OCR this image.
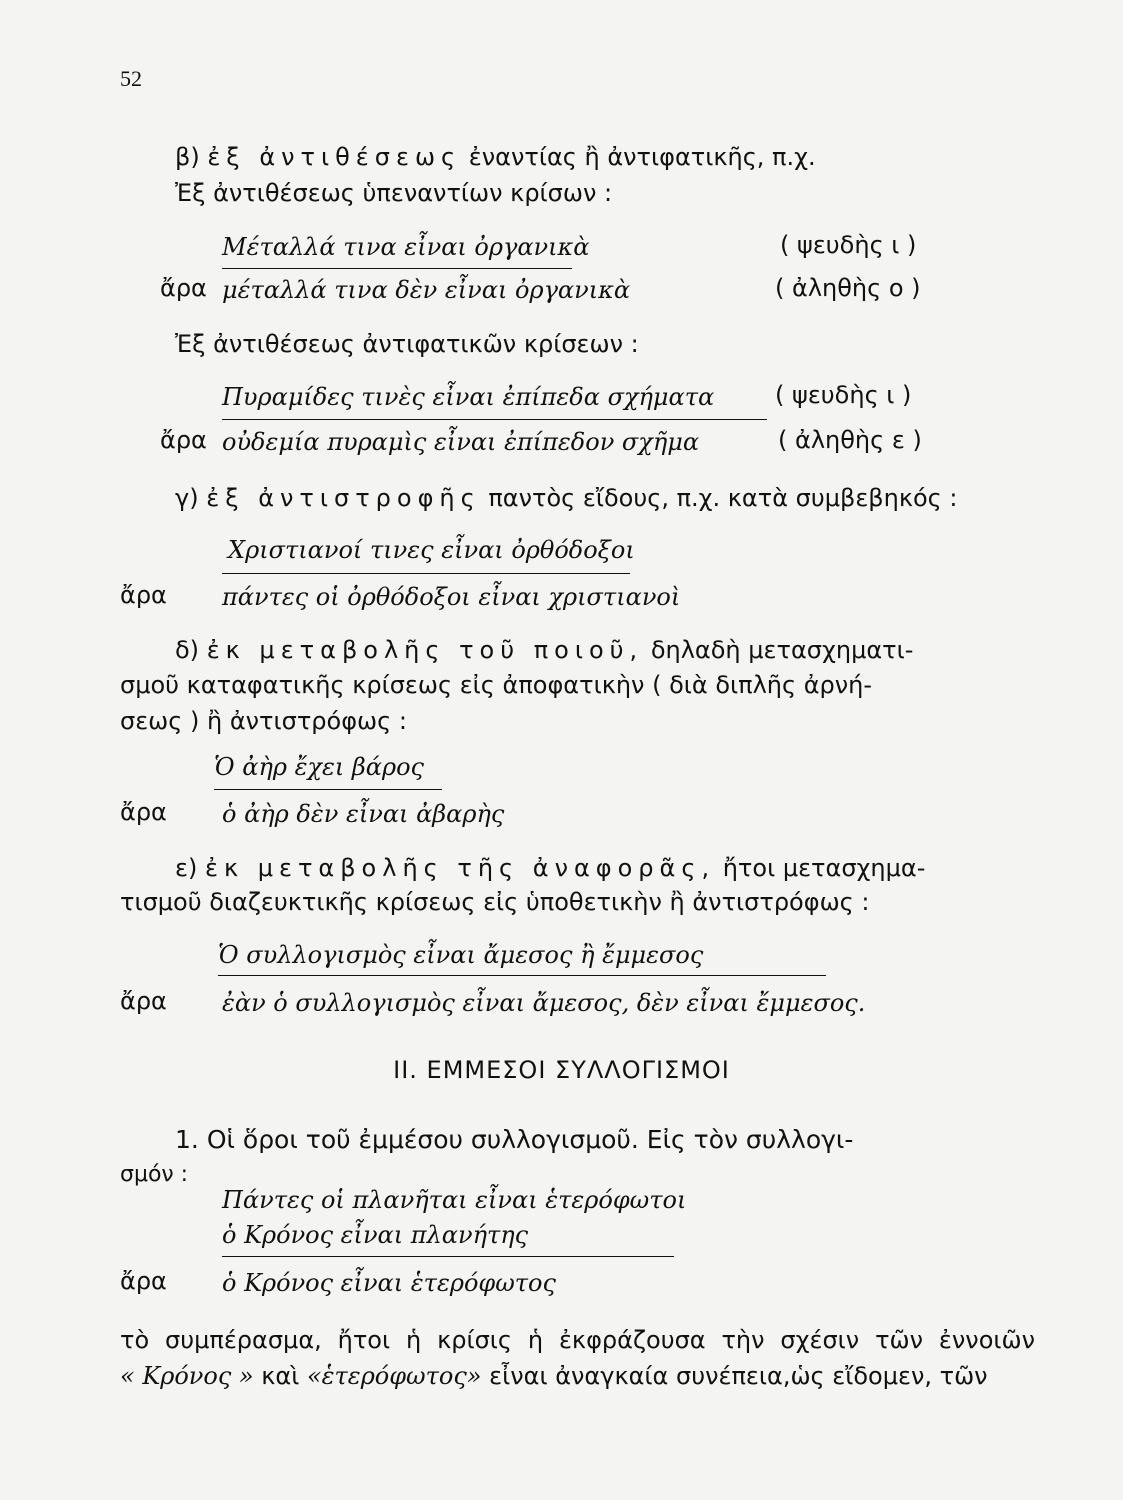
52
β) ἐξ ἀντιθέσεως ἐναντίας ἢ ἀντιφατικῆς, π.χ.
Ἐξ ἀντιθέσεως ὑπεναντίων κρίσων :
Μέταλλά τινα εἶναι ὀργανικὰ	( ψευδὴς ι )
ἄρα μέταλλά τινα δὲν εἶναι ὀργανικὰ	( ἀληθὴς ο )
Ἐξ ἀντιθέσεως ἀντιφατικῶν κρίσεων :
Πυραμίδες τινὲς εἶναι ἐπίπεδα σχήματα	( ψευδὴς ι )
ἄρα οὐδεμία πυραμὶς εἶναι ἐπίπεδον σχῆμα	( ἀληθὴς ε )
γ) ἐξ ἀντιστροφῆς παντὸς εἴδους, π.χ. κατὰ συμβεβηκός :
Χριστιανοί τινες εἶναι ὀρθόδοξοι
ἄρα πάντες οἱ ὀρθόδοξοι εἶναι χριστιανοὶ
δ) ἐκ μεταβολῆς τοῦ ποιοῦ, δηλαδὴ μετασχηματι-
σμοῦ καταφατικῆς κρίσεως εἰς ἀποφατικὴν ( διὰ διπλῆς ἀρνή-
σεως ) ἢ ἀντιστρόφως :
Ὁ ἀὴρ ἔχει βάρος
ἄρα ὁ ἀὴρ δὲν εἶναι ἀβαρὴς
ε) ἐκ μεταβολῆς τῆς ἀναφορᾶς, ἤτοι μετασχημα-
τισμοῦ διαζευκτικῆς κρίσεως εἰς ὑποθετικὴν ἢ ἀντιστρόφως :
Ὁ συλλογισμὸς εἶναι ἄμεσος ἢ ἔμμεσος
ἄρα ἐὰν ὁ συλλογισμὸς εἶναι ἄμεσος, δὲν εἶναι ἔμμεσος.
ΙΙ. ΕΜΜΕΣΟΙ ΣΥΛΛΟΓΙΣΜΟΙ
1. Οἱ ὅροι τοῦ ἐμμέσου συλλογισμοῦ. Εἰς τὸν συλλογι-
σμόν :
Πάντες οἱ πλανῆται εἶναι ἑτερόφωτοι
ὁ Κρόνος εἶναι πλανήτης
ἄρα ὁ Κρόνος εἶναι ἑτερόφωτος
τὸ συμπέρασμα, ἤτοι ἡ κρίσις ἡ ἐκφράζουσα τὴν σχέσιν τῶν ἐννοιῶν
« Κρόνος » καὶ «ἑτερόφωτος» εἶναι ἀναγκαία συνέπεια,ὡς εἴδομεν, τῶν
